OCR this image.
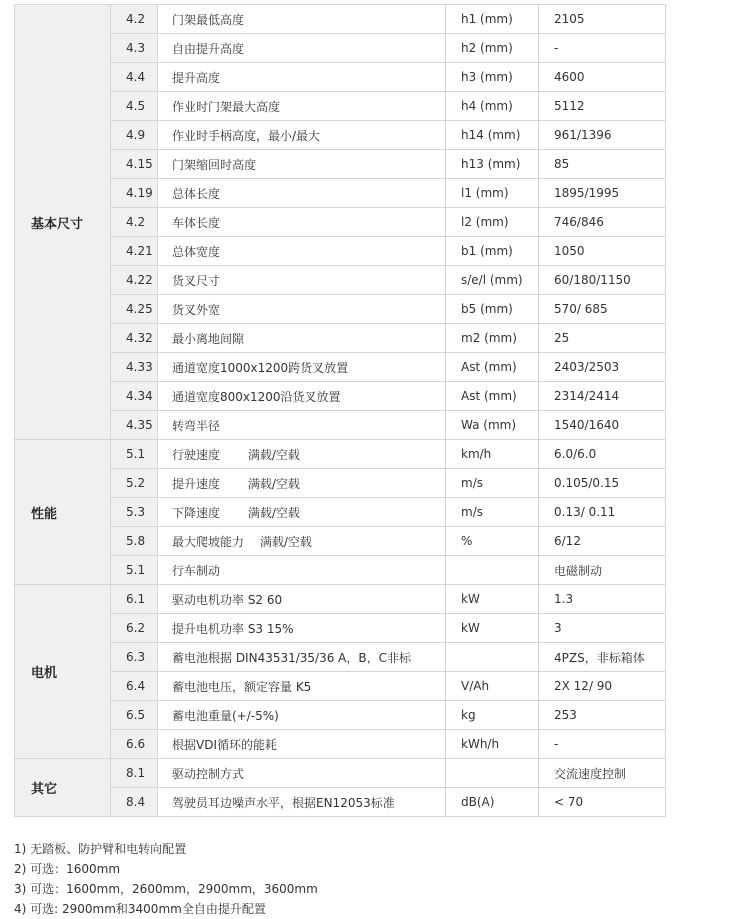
基本尺寸	4.2	门架最低高度	h1 (mm)	2105
	4.3	自由提升高度	h2 (mm)	-
	4.4	提升高度	h3 (mm)	4600
	4.5	作业时门架最大高度	h4 (mm)	5112
	4.9	作业时手柄高度，最小/最大	h14 (mm)	961/1396
	4.15	门架缩回时高度	h13 (mm)	85
	4.19	总体长度	l1 (mm)	1895/1995
	4.2	车体长度	l2 (mm)	746/846
	4.21	总体宽度	b1 (mm)	1050
	4.22	货叉尺寸	s/e/l (mm)	60/180/1150
	4.25	货叉外宽	b5 (mm)	570/ 685
	4.32	最小离地间隙	m2 (mm)	25
	4.33	通道宽度1000x1200跨货叉放置	Ast (mm)	2403/2503
	4.34	通道宽度800x1200沿货叉放置	Ast (mm)	2314/2414
	4.35	转弯半径	Wa (mm)	1540/1640
性能	5.1	行驶速度　　 满载/空载	km/h	6.0/6.0
	5.2	提升速度　　 满载/空载	m/s	0.105/0.15
	5.3	下降速度　　 满载/空载	m/s	0.13/ 0.11
	5.8	最大爬坡能力　 满载/空载	%	6/12
	5.1	行车制动		电磁制动
电机	6.1	驱动电机功率 S2 60	kW	1.3
	6.2	提升电机功率 S3 15%	kW	3
	6.3	蓄电池根据 DIN43531/35/36 A，B，C非标		4PZS，非标箱体
	6.4	蓄电池电压，额定容量 K5	V/Ah	2X 12/ 90
	6.5	蓄电池重量(+/-5%)	kg	253
	6.6	根据VDI循环的能耗	kWh/h	-
其它	8.1	驱动控制方式		交流速度控制
	8.4	驾驶员耳边噪声水平，根据EN12053标准	dB(A)	< 70
1) 无踏板、防护臂和电转向配置
2) 可选：1600mm
3) 可选：1600mm，2600mm，2900mm，3600mm
4) 可选: 2900mm和3400mm全自由提升配置
